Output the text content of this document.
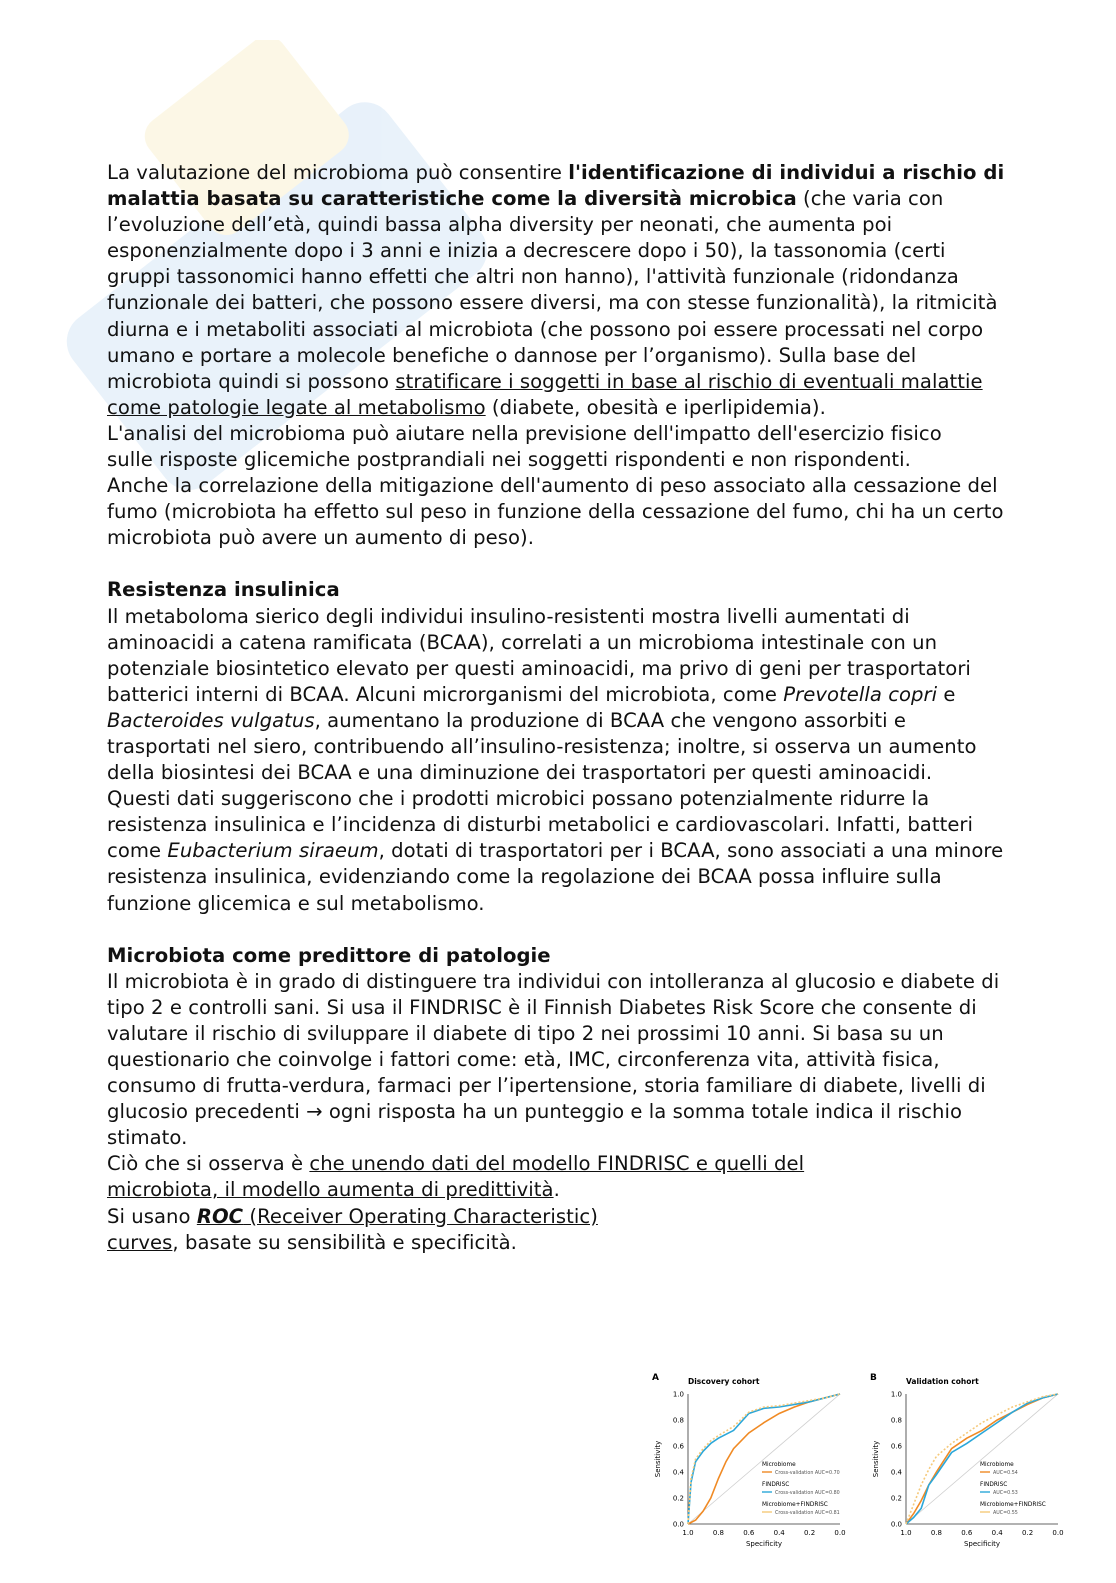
La valutazione del microbioma può consentire l'identificazione di individui a rischio di malattia basata su caratteristiche come la diversità microbica (che varia con l’evoluzione dell’età, quindi bassa alpha diversity per neonati, che aumenta poi esponenzialmente dopo i 3 anni e inizia a decrescere dopo i 50), la tassonomia (certi gruppi tassonomici hanno effetti che altri non hanno), l'attività funzionale (ridondanza funzionale dei batteri, che possono essere diversi, ma con stesse funzionalità), la ritmicità diurna e i metaboliti associati al microbiota (che possono poi essere processati nel corpo umano e portare a molecole benefiche o dannose per l’organismo). Sulla base del microbiota quindi si possono stratificare i soggetti in base al rischio di eventuali malattie come patologie legate al metabolismo (diabete, obesità e iperlipidemia).

L'analisi del microbioma può aiutare nella previsione dell'impatto dell'esercizio fisico

sulle risposte glicemiche postprandiali nei soggetti rispondenti e non rispondenti.

Anche la correlazione della mitigazione dell'aumento di peso associato alla cessazione del fumo (microbiota ha effetto sul peso in funzione della cessazione del fumo, chi ha un certo microbiota può avere un aumento di peso).

Resistenza insulinica

Il metaboloma sierico degli individui insulino-resistenti mostra livelli aumentati di aminoacidi a catena ramificata (BCAA), correlati a un microbioma intestinale con un potenziale biosintetico elevato per questi aminoacidi, ma privo di geni per trasportatori batterici interni di BCAA. Alcuni microrganismi del microbiota, come Prevotella copri e Bacteroides vulgatus, aumentano la produzione di BCAA che vengono assorbiti e trasportati nel siero, contribuendo all’insulino-resistenza; inoltre, si osserva un aumento della biosintesi dei BCAA e una diminuzione dei trasportatori per questi aminoacidi.

Questi dati suggeriscono che i prodotti microbici possano potenzialmente ridurre la resistenza insulinica e l’incidenza di disturbi metabolici e cardiovascolari. Infatti, batteri come Eubacterium siraeum, dotati di trasportatori per i BCAA, sono associati a una minore resistenza insulinica, evidenziando come la regolazione dei BCAA possa influire sulla funzione glicemica e sul metabolismo.

Microbiota come predittore di patologie

Il microbiota è in grado di distinguere tra individui con intolleranza al glucosio e diabete di tipo 2 e controlli sani. Si usa il FINDRISC è il Finnish Diabetes Risk Score che consente di valutare il rischio di sviluppare il diabete di tipo 2 nei prossimi 10 anni. Si basa su un questionario che coinvolge i fattori come: età, IMC, circonferenza vita, attività fisica, consumo di frutta-verdura, farmaci per l’ipertensione, storia familiare di diabete, livelli di glucosio precedenti → ogni risposta ha un punteggio e la somma totale indica il rischio stimato.

Ciò che si osserva è che unendo dati del modello FINDRISC e quelli del microbiota, il modello aumenta di predittività.

Si usano ROC (Receiver Operating Characteristic) curves, basate su sensibilità e specificità.

A	Discovery cohort
1.0
0.8
0.6
0.4
0.2
0.0
1.0	0.8	0.6	0.4	0.2	0.0
Specificity
Sensitivity	Microbiome
Cross-validation AUC=0.70
FINDRISC
Cross-validation AUC=0.80
Microbiome+FINDRISC
Cross-validation AUC=0.81
B	Validation cohort
1.0
0.8
0.6
0.4
0.2
0.0
1.0	0.8	0.6	0.4	0.2	0.0
Specificity
Sensitivity	Microbiome
AUC=0.54
FINDRISC
AUC=0.53
Microbiome+FINDRISC
AUC=0.55
